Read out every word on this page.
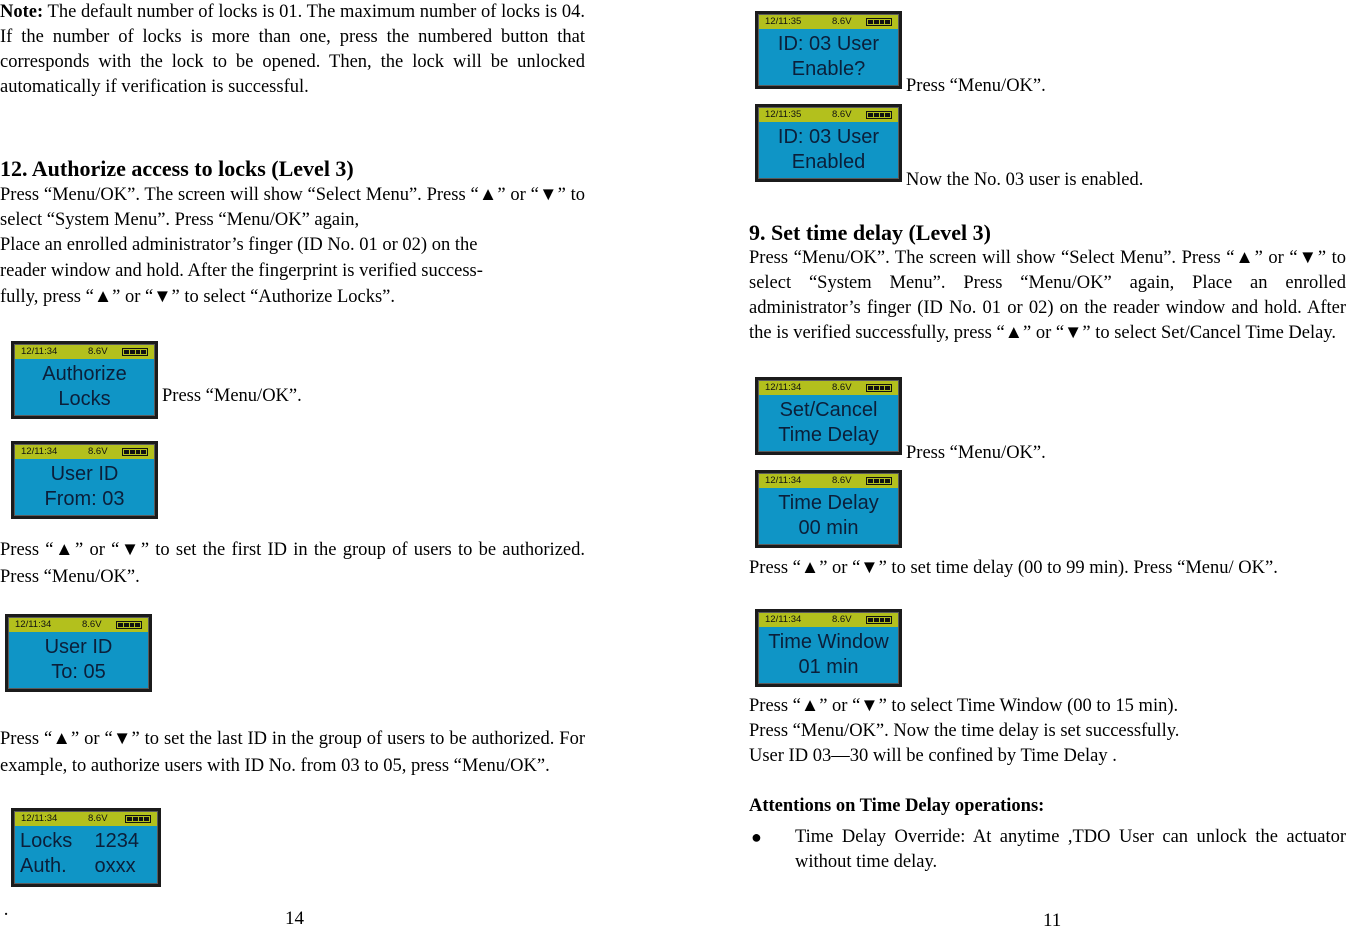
Note: The default number of locks is 01. The maximum number of locks is 04. If the number of locks is more than one, press the numbered button that corresponds with the lock to be opened. Then, the lock will be unlocked automatically if verification is successful.

12. Authorize access to locks (Level 3)

Press “Menu/OK”. The screen will show “Select Menu”. Press “▲” or “▼” to select “System Menu”. Press “Menu/OK” again,

Place an enrolled administrator’s finger (ID No. 01 or 02) on the

reader window and hold. After the fingerprint is verified success-

fully, press “▲” or “▼” to select “Authorize Locks”.

12/11:34	8.6V
Authorize
Locks	Press “Menu/OK”.

12/11:34	8.6V
User ID
From: 03

Press “▲” or “▼” to set the first ID in the group of users to be authorized. Press “Menu/OK”.

12/11:34	8.6V
User ID
To: 05

Press “▲” or “▼” to set the last ID in the group of users to be authorized. For example, to authorize users with ID No. from 03 to 05, press “Menu/OK”.

12/11:34	8.6V
Locks    1234
Auth.     oxxx
·	14
12/11:35	8.6V
ID: 03 User
Enable?

Press “Menu/OK”.

12/11:35	8.6V
ID: 03 User
Enabled

Now the No. 03 user is enabled.

9. Set time delay (Level 3)

Press “Menu/OK”. The screen will show “Select Menu”. Press “▲” or “▼” to select “System Menu”. Press “Menu/OK” again, Place an enrolled administrator’s finger (ID No. 01 or 02) on the reader window and hold. After the is verified successfully, press “▲” or “▼” to select Set/Cancel Time Delay.

12/11:34	8.6V
Set/Cancel
Time Delay

Press “Menu/OK”.

12/11:34	8.6V
Time Delay
00 min

Press “▲” or “▼” to set time delay (00 to 99 min). Press “Menu/ OK”.

12/11:34	8.6V
Time Window
01 min

Press “▲” or “▼” to select Time Window (00 to 15 min).

Press “Menu/OK”. Now the time delay is set successfully.

User ID 03—30 will be confined by Time Delay .

Attentions on Time Delay operations:

●	Time Delay Override: At anytime ,TDO User can unlock the actuator without time delay.
11
